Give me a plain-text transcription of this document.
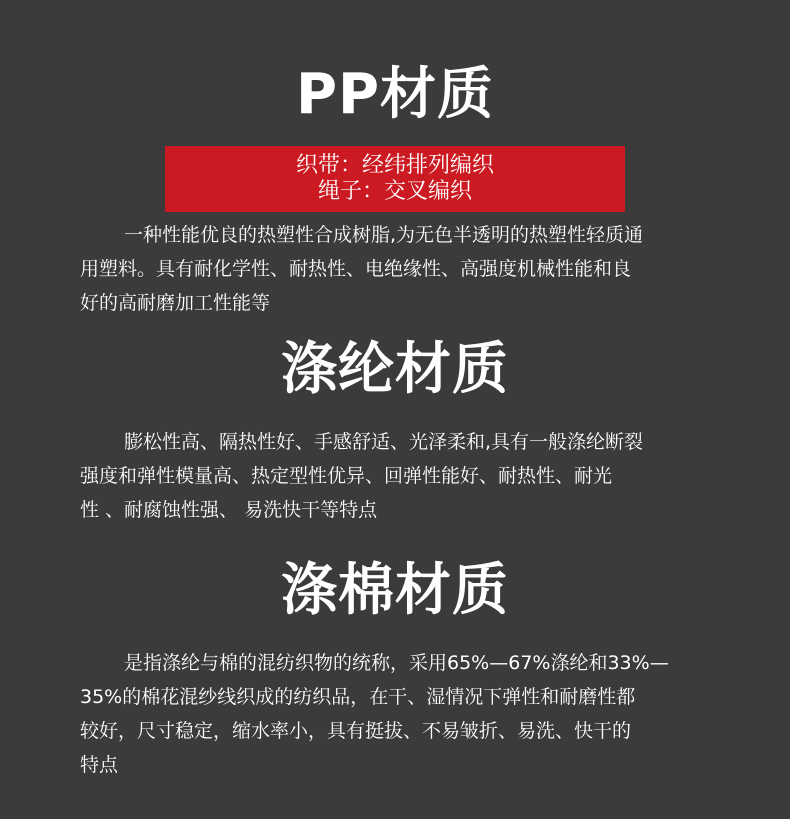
PP材质
织带：经纬排列编织
绳子：交叉编织

一种性能优良的热塑性合成树脂,为无色半透明的热塑性轻质通
用塑料。具有耐化学性、耐热性、电绝缘性、高强度机械性能和良
好的高耐磨加工性能等

涤纶材质

膨松性高、隔热性好、手感舒适、光泽柔和,具有一般涤纶断裂
强度和弹性模量高、热定型性优异、回弹性能好、耐热性、耐光
性 、耐腐蚀性强、 易洗快干等特点

涤棉材质

是指涤纶与棉的混纺织物的统称，采用65%—67%涤纶和33%—
35%的棉花混纱线织成的纺织品，在干、湿情况下弹性和耐磨性都
较好，尺寸稳定，缩水率小，具有挺拔、不易皱折、易洗、快干的
特点
